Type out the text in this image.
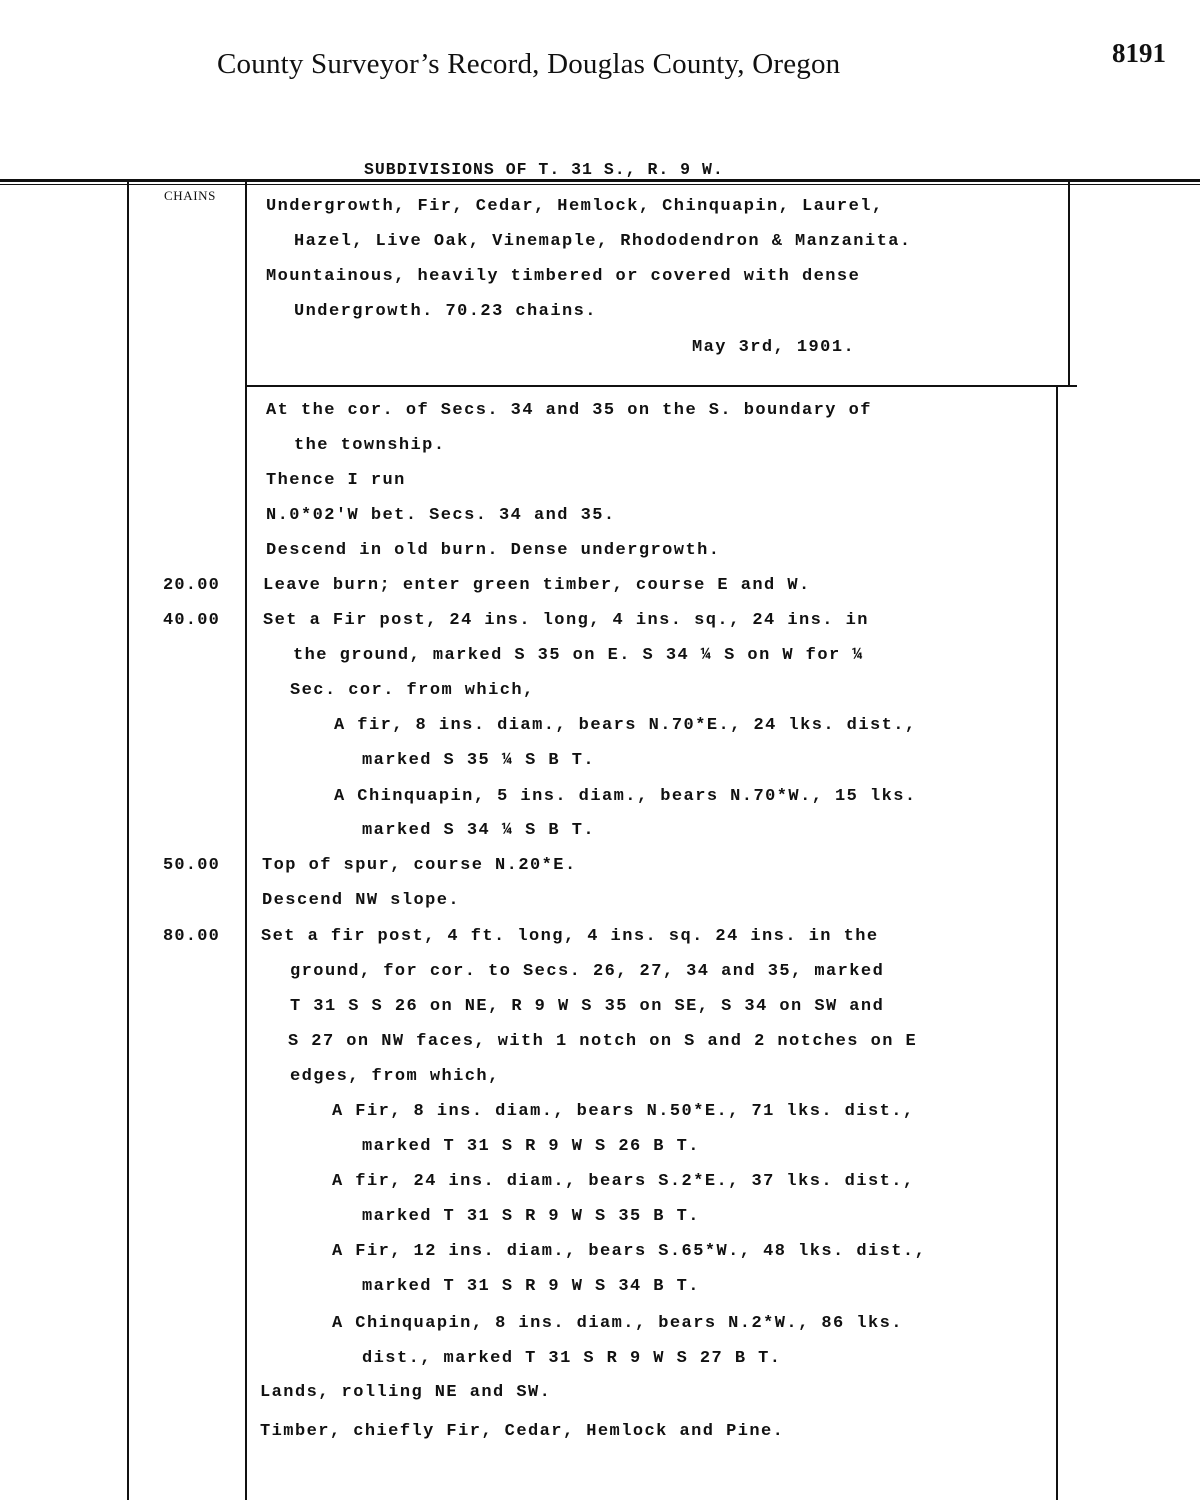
County Surveyor’s Record, Douglas County, Oregon	8191
SUBDIVISIONS OF T. 31 S., R. 9 W.
CHAINS
Undergrowth, Fir, Cedar, Hemlock, Chinquapin, Laurel,
Hazel, Live Oak, Vinemaple, Rhododendron & Manzanita.
Mountainous, heavily timbered or covered with dense
Undergrowth. 70.23 chains.
May 3rd, 1901.
At the cor. of Secs. 34 and 35 on the S. boundary of
the township.
Thence I run
N.0*02'W bet. Secs. 34 and 35.
Descend in old burn. Dense undergrowth.
20.00	Leave burn; enter green timber, course E and W.
40.00	Set a Fir post, 24 ins. long, 4 ins. sq., 24 ins. in
the ground, marked S 35 on E. S 34 ¼ S on W for ¼
Sec. cor. from which,
A fir, 8 ins. diam., bears N.70*E., 24 lks. dist.,
marked S 35 ¼ S B T.
A Chinquapin, 5 ins. diam., bears N.70*W., 15 lks.
marked S 34 ¼ S B T.
50.00 Top of spur, course N.20*E.
Descend NW slope.
80.00 Set a fir post, 4 ft. long, 4 ins. sq. 24 ins. in the
ground, for cor. to Secs. 26, 27, 34 and 35, marked
T 31 S S 26 on NE, R 9 W S 35 on SE, S 34 on SW and
S 27 on NW faces, with 1 notch on S and 2 notches on E
edges, from which,
A Fir, 8 ins. diam., bears N.50*E., 71 lks. dist.,
marked T 31 S R 9 W S 26 B T.
A fir, 24 ins. diam., bears S.2*E., 37 lks. dist.,
marked T 31 S R 9 W S 35 B T.
A Fir, 12 ins. diam., bears S.65*W., 48 lks. dist.,
marked T 31 S R 9 W S 34 B T.
A Chinquapin, 8 ins. diam., bears N.2*W., 86 lks.
dist., marked T 31 S R 9 W S 27 B T.
Lands, rolling NE and SW.
Timber, chiefly Fir, Cedar, Hemlock and Pine.
